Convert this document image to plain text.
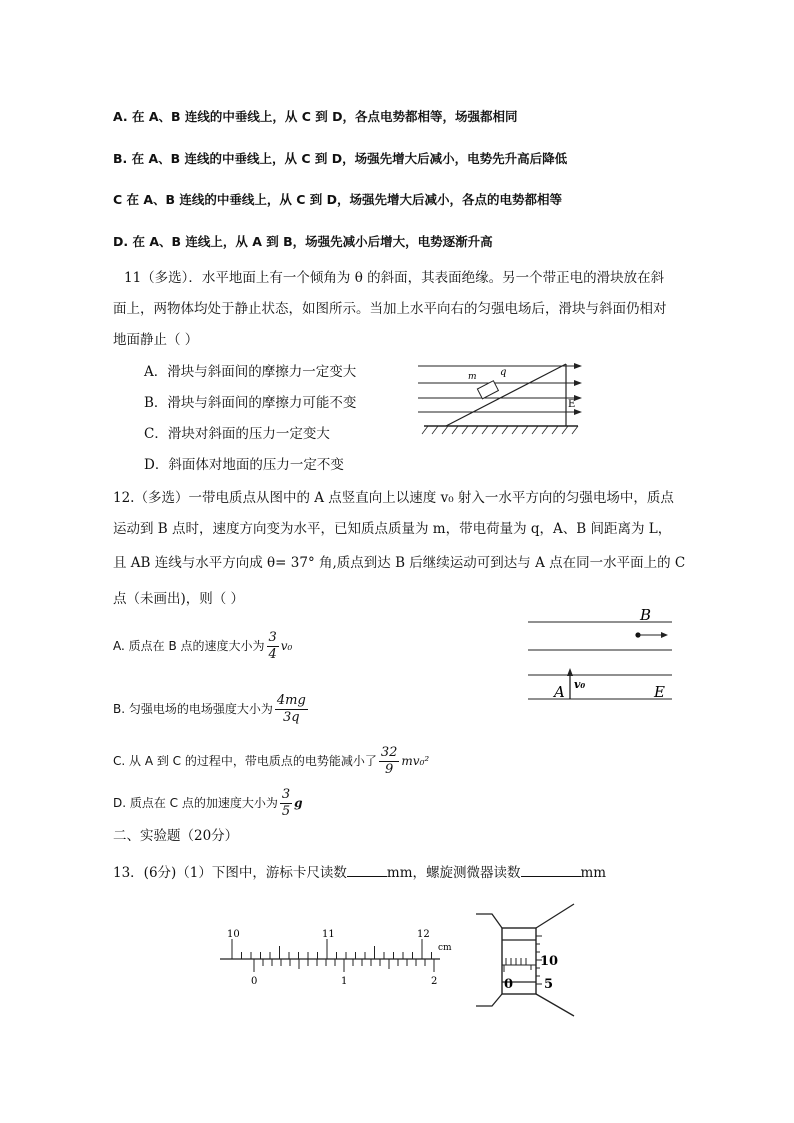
A. 在 A、B 连线的中垂线上，从 C 到 D，各点电势都相等，场强都相同
B. 在 A、B 连线的中垂线上，从 C 到 D，场强先增大后减小，电势先升高后降低
C 在 A、B 连线的中垂线上，从 C 到 D，场强先增大后减小，各点的电势都相等
D. 在 A、B 连线上，从 A 到 B，场强先减小后增大，电势逐渐升高
11（多选）．水平地面上有一个倾角为 θ 的斜面，其表面绝缘。另一个带正电的滑块放在斜
面上，两物体均处于静止状态，如图所示。当加上水平向右的匀强电场后，滑块与斜面仍相对
地面静止（ ）
A．滑块与斜面间的摩擦力一定变大
B．滑块与斜面间的摩擦力可能不变
C．滑块对斜面的压力一定变大
D．斜面体对地面的压力一定不变
m q
E
12.（多选）一带电质点从图中的 A 点竖直向上以速度 v₀ 射入一水平方向的匀强电场中，质点
运动到 B 点时，速度方向变为水平，已知质点质量为 m，带电荷量为 q，A、B 间距离为 L，
且 AB 连线与水平方向成 θ= 37° 角,质点到达 B 后继续运动可到达与 A 点在同一水平面上的 C
点（未画出)，则（ ）
A. 质点在 B 点的速度大小为 $\frac{3}{4} v_0$
B. 匀强电场的电场强度大小为 $\frac{4mg}{3q}$
C. 从 A 到 C 的过程中，带电质点的电势能减小了 $\frac{32}{9} mv_0^2$
D. 质点在 C 点的加速度大小为 $\frac{3}{5}$ g
B
A	E
v₀
二、实验题（20分）
13．(6分)（1）下图中，游标卡尺读数	mm，螺旋测微器读数	mm
10	11	12
cm
0	1	2
10
5
0
